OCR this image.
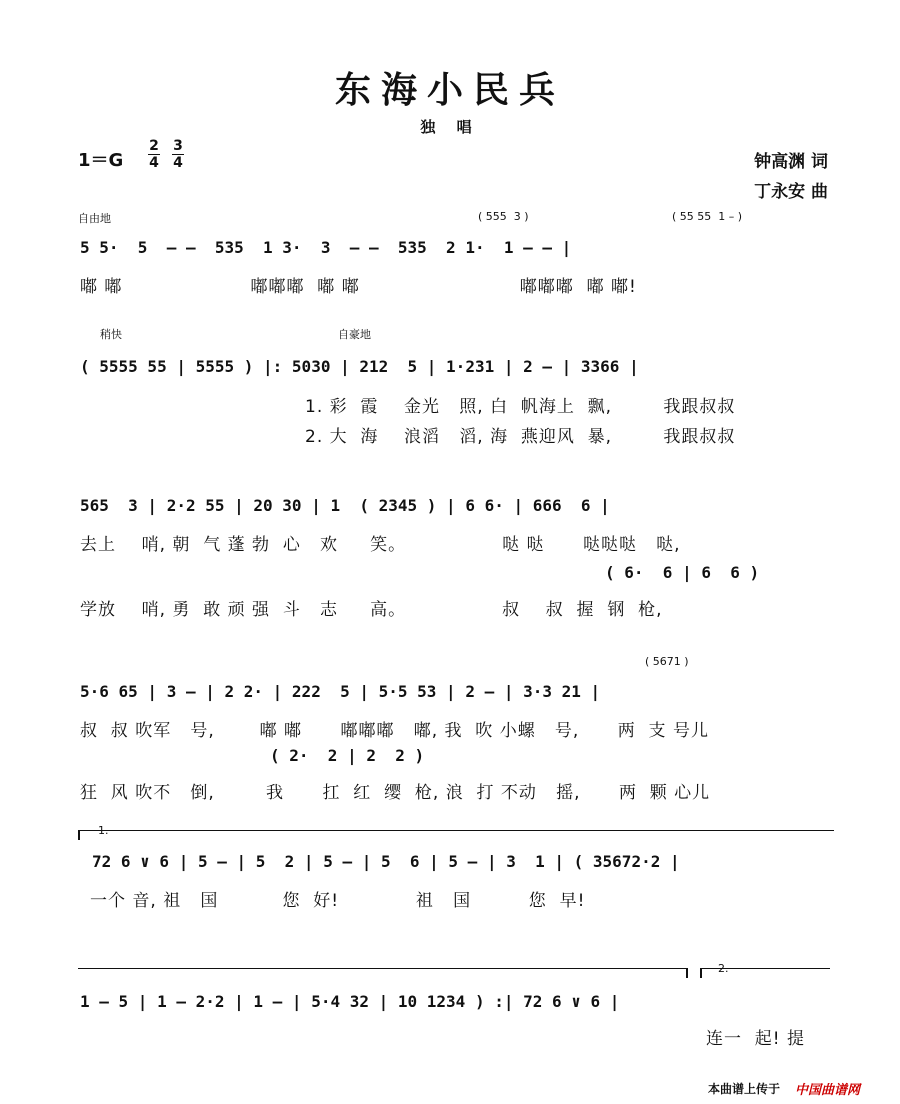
东海小民兵
独 唱
1＝G
2
4
3
4	钟高渊 词
丁永安 曲
自由地	( 555  3 )	( 55 55  1 – )
5 5·  5  – –  535  1 3·  3  – –  535  2 1·  1 – – |
嘟 嘟                    嘟嘟嘟  嘟 嘟                         嘟嘟嘟  嘟 嘟!
稍快	自豪地
( 5555 55 | 5555 ) |: 5030 | 212  5 | 1·231 | 2 – | 3366 |
1. 彩  霞    金光   照, 白  帆海上  飘,        我跟叔叔
2. 大  海    浪滔   滔, 海  燕迎风  暴,        我跟叔叔
565  3 | 2·2 55 | 20 30 | 1  ( 2345 ) | 6 6· | 666  6 |
去上    哨, 朝  气 蓬 勃  心   欢     笑。               哒 哒      哒哒哒   哒,
( 6·  6 | 6  6 )
学放    哨, 勇  敢 顽 强  斗   志     高。               叔    叔  握  钢  枪,
( 5671 )
5·6 65 | 3 – | 2 2· | 222  5 | 5·5 53 | 2 – | 3·3 21 |
叔  叔 吹军   号,       嘟 嘟      嘟嘟嘟   嘟, 我  吹 小螺   号,      两  支 号儿
( 2·  2 | 2  2 )
狂  风 吹不   倒,        我      扛  红  缨  枪, 浪  打 不动   摇,      两  颗 心儿
1.
72 6 ∨ 6 | 5 – | 5  2 | 5 – | 5  6 | 5 – | 3  1 | ( 35672·2 |
一个 音, 祖   国          您  好!            祖   国         您  早!
2.
1 – 5 | 1 – 2·2 | 1 – | 5·4 32 | 10 1234 ) :| 72 6 ∨ 6 |
连一  起! 提
本曲谱上传于 中国曲谱网
